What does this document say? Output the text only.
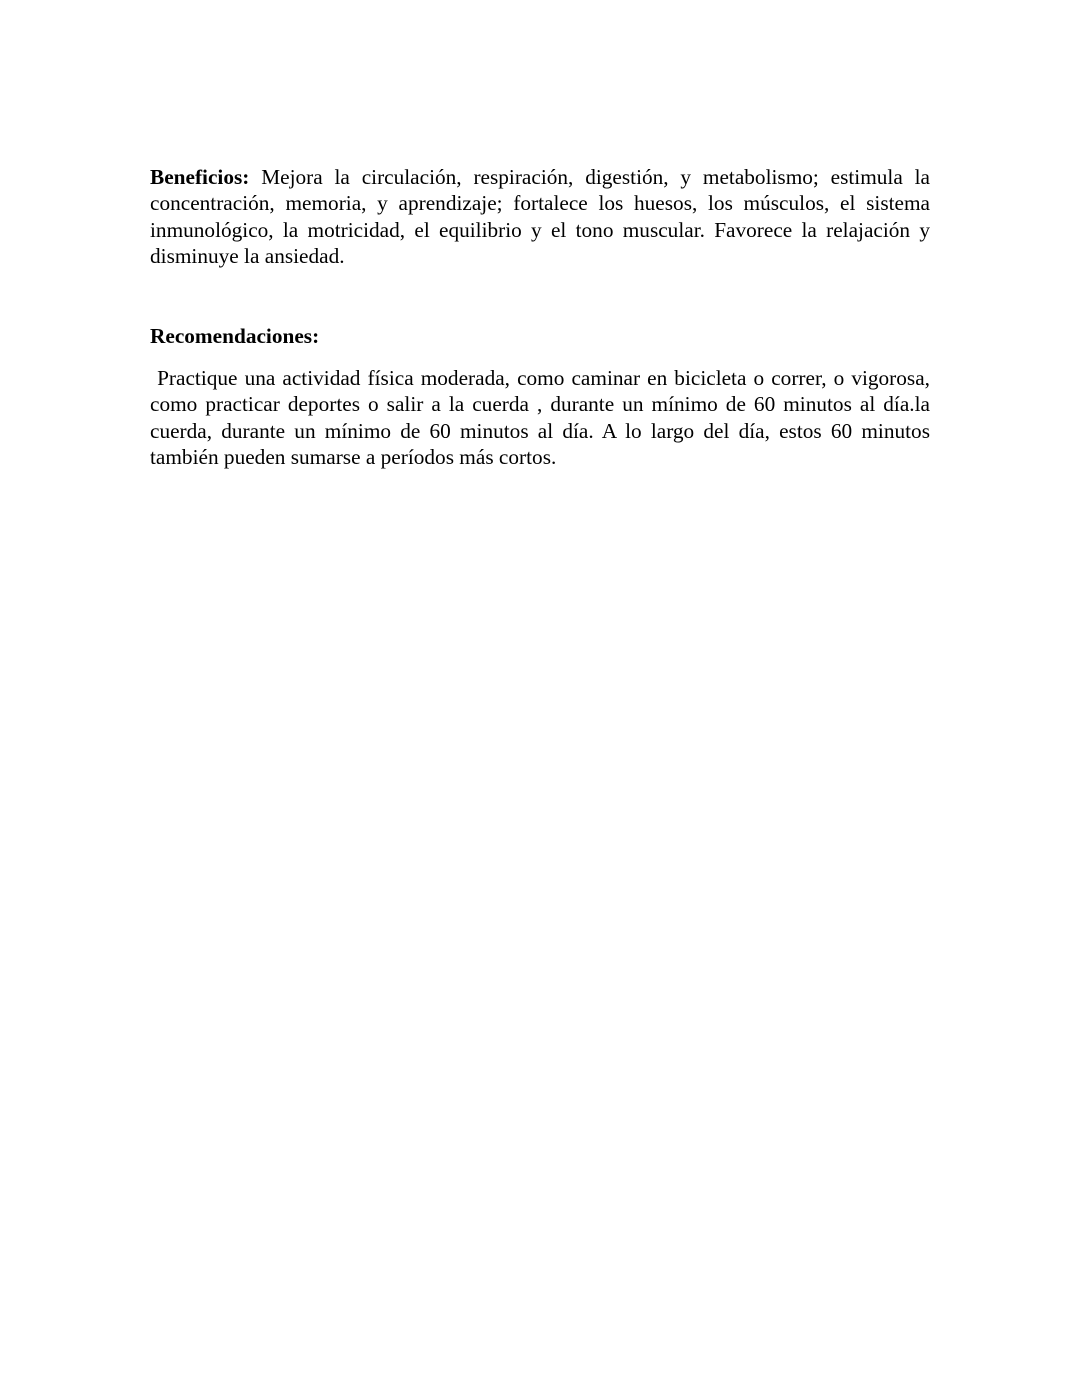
Beneficios: Mejora la circulación, respiración, digestión, y metabolismo; estimula la concentración, memoria, y aprendizaje; fortalece los huesos, los músculos, el sistema inmunológico, la motricidad, el equilibrio y el tono muscular. Favorece la relajación y disminuye la ansiedad.

Recomendaciones:

Practique una actividad física moderada, como caminar en bicicleta o correr, o vigorosa, como practicar deportes o salir a la cuerda , durante un mínimo de 60 minutos al día.la cuerda, durante un mínimo de 60 minutos al día. A lo largo del día, estos 60 minutos también pueden sumarse a períodos más cortos.
